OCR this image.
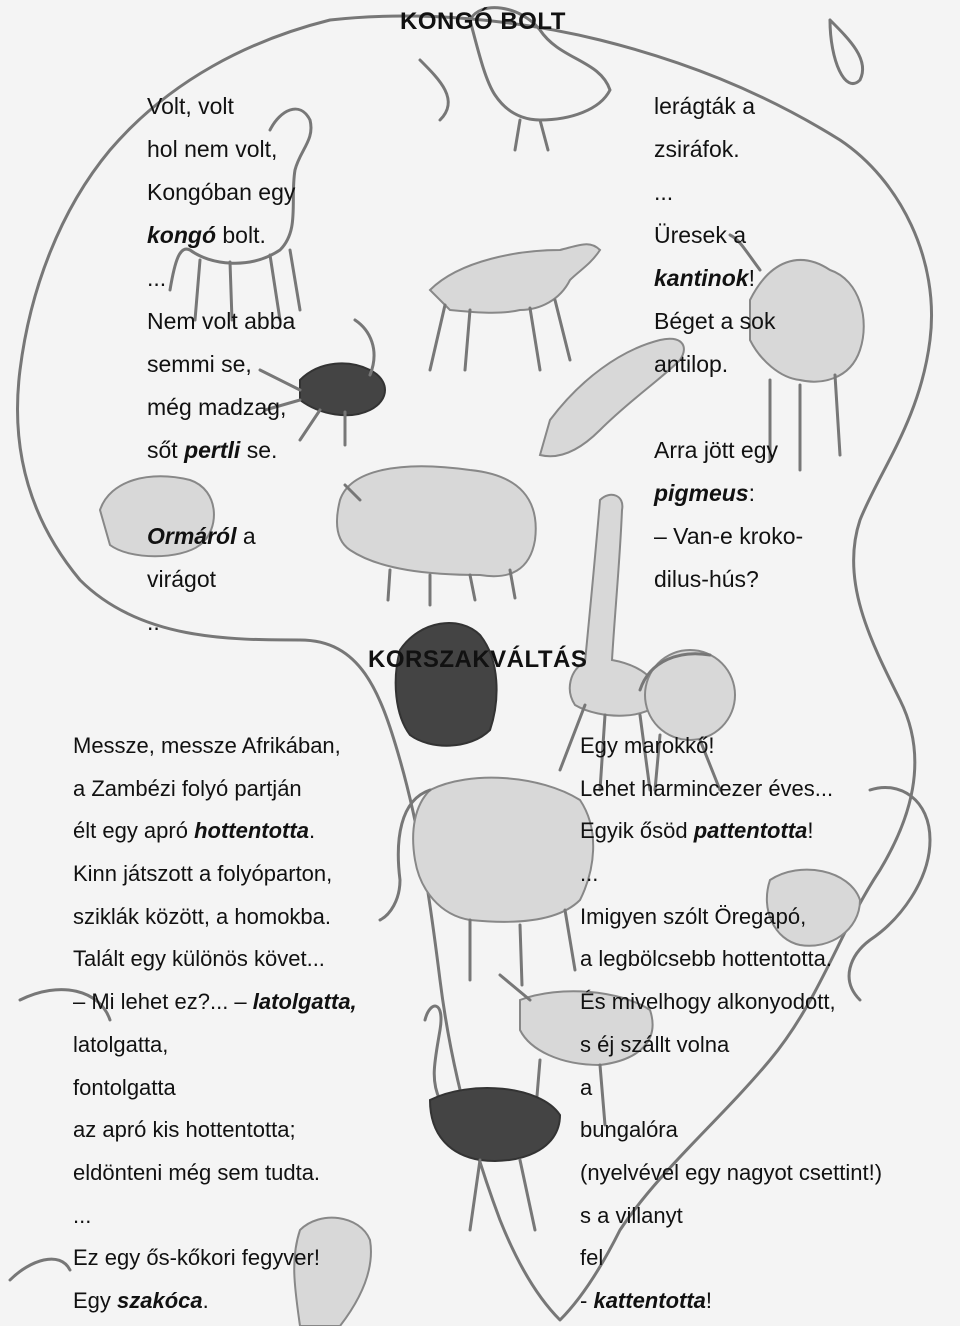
KONGÓ BOLT
Volt, volt
hol nem volt,
Kongóban egy
kongó bolt.
...
Nem volt abba
semmi se,
még madzag,
sőt pertli se.
Ormáról a
virágot
..
lerágták a
zsiráfok.
...
Üresek a
kantinok!
Béget a sok
antilop.
Arra jött egy
pigmeus:
– Van-e kroko-
dilus-hús?
KORSZAKVÁLTÁS
Messze, messze Afrikában,
a Zambézi folyó partján
élt egy apró hottentotta.
Kinn játszott a folyóparton,
sziklák között, a homokba.
Talált egy különös követ...
– Mi lehet ez?... – latolgatta,
latolgatta,
fontolgatta
az apró kis hottentotta;
eldönteni még sem tudta.
...
Ez egy ős-kőkori fegyver!
Egy szakóca.
Egy marokkő!
Lehet harmincezer éves...
Egyik ősöd pattentotta!
...
Imigyen szólt Öregapó,
a legbölcsebb hottentotta.
És mivelhogy alkonyodott,
s éj szállt volna
a
bungalóra
(nyelvével egy nagyot csettint!)
s a villanyt
fel
- kattentotta!
